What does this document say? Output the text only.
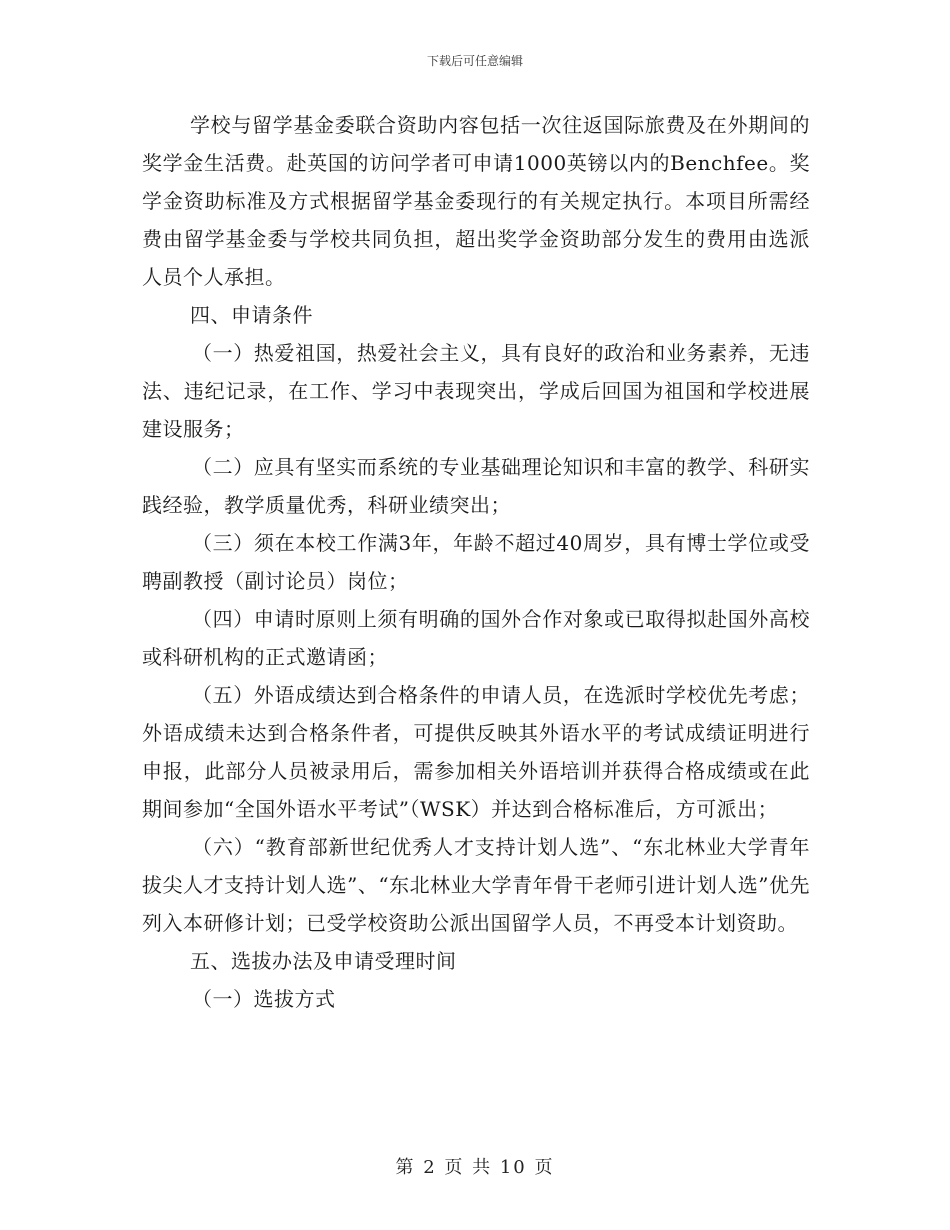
下载后可任意编辑

学校与留学基金委联合资助内容包括一次往返国际旅费及在外期间的奖学金生活费。赴英国的访问学者可申请1000英镑以内的Benchfee。奖学金资助标准及方式根据留学基金委现行的有关规定执行。本项目所需经费由留学基金委与学校共同负担，超出奖学金资助部分发生的费用由选派人员个人承担。

四、申请条件

（一）热爱祖国，热爱社会主义，具有良好的政治和业务素养，无违法、违纪记录，在工作、学习中表现突出，学成后回国为祖国和学校进展建设服务；

（二）应具有坚实而系统的专业基础理论知识和丰富的教学、科研实践经验，教学质量优秀，科研业绩突出；

（三）须在本校工作满3年，年龄不超过40周岁，具有博士学位或受聘副教授（副讨论员）岗位；

（四）申请时原则上须有明确的国外合作对象或已取得拟赴国外高校或科研机构的正式邀请函；

（五）外语成绩达到合格条件的申请人员，在选派时学校优先考虑；外语成绩未达到合格条件者，可提供反映其外语水平的考试成绩证明进行申报，此部分人员被录用后，需参加相关外语培训并获得合格成绩或在此期间参加“全国外语水平考试”（WSK）并达到合格标准后，方可派出；

（六）“教育部新世纪优秀人才支持计划人选”、“东北林业大学青年拔尖人才支持计划人选”、“东北林业大学青年骨干老师引进计划人选”优先列入本研修计划；已受学校资助公派出国留学人员，不再受本计划资助。

五、选拔办法及申请受理时间

（一）选拔方式

第 2 页 共 10 页
